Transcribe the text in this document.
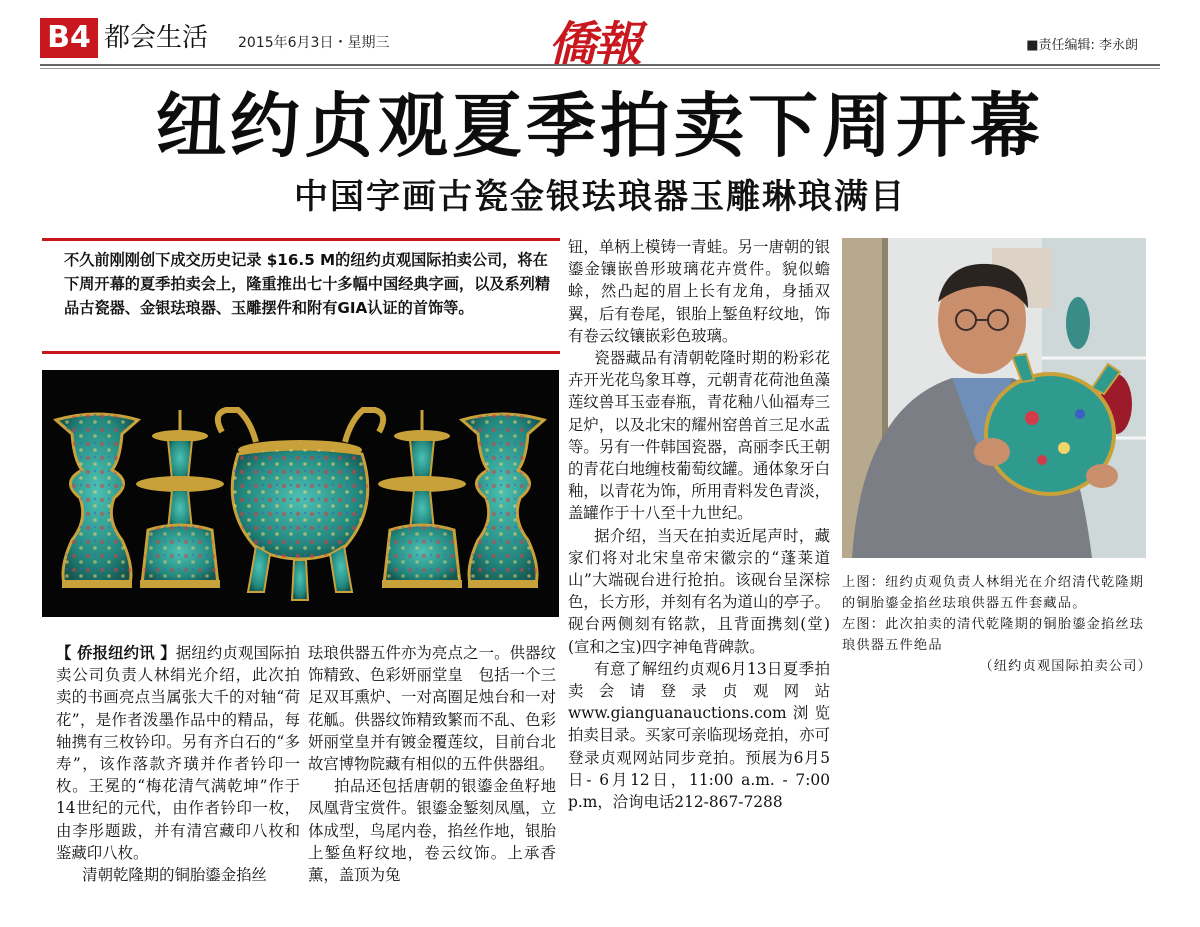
B4 都会生活 2015年6月3日・星期三	僑報	■责任编辑: 李永朗
纽约贞观夏季拍卖下周开幕
中国字画古瓷金银珐琅器玉雕琳琅满目
不久前刚刚创下成交历史记录 $16.5 M的纽约贞观国际拍卖公司，将在下周开幕的夏季拍卖会上，隆重推出七十多幅中国经典字画，以及系列精品古瓷器、金银珐琅器、玉雕摆件和附有GIA认证的首饰等。

【 侨报纽约讯 】据纽约贞观国际拍卖公司负责人林绢光介绍，此次拍卖的书画亮点当属张大千的对轴“荷花”，是作者泼墨作品中的精品，每轴携有三枚钤印。另有齐白石的“多寿”，该作落款齐璜并作者钤印一枚。王冕的“梅花清气满乾坤”作于14世纪的元代，由作者钤印一枚，由李彤题跋，并有清宫藏印八枚和鉴藏印八枚。

清朝乾隆期的铜胎鎏金掐丝

珐琅供器五件亦为亮点之一。供器纹饰精致、色彩妍丽堂皇　包括一个三足双耳熏炉、一对高圈足烛台和一对花觚。供器纹饰精致繁而不乱、色彩妍丽堂皇并有镀金覆莲纹，目前台北故宫博物院藏有相似的五件供器组。

拍品还包括唐朝的银鎏金鱼籽地凤凰背宝赏件。银鎏金錾刻凤凰，立体成型，鸟尾内卷，掐丝作地，银胎上錾鱼籽纹地，卷云纹饰。上承香薰，盖顶为兔

钮，单柄上模铸一青蛙。另一唐朝的银鎏金镶嵌兽形玻璃花卉赏件。貌似蟾蜍，然凸起的眉上长有龙角，身插双翼，后有卷尾，银胎上錾鱼籽纹地，饰有卷云纹镶嵌彩色玻璃。

瓷器藏品有清朝乾隆时期的粉彩花卉开光花鸟象耳尊，元朝青花荷池鱼藻莲纹兽耳玉壶春瓶，青花釉八仙福寿三足炉，以及北宋的耀州窑兽首三足水盂等。另有一件韩国瓷器，高丽李氏王朝的青花白地缠枝葡萄纹罐。通体象牙白釉，以青花为饰，所用青料发色青淡，盖罐作于十八至十九世纪。

据介绍，当天在拍卖近尾声时，藏家们将对北宋皇帝宋徽宗的“蓬莱道山”大端砚台进行抢拍。该砚台呈深棕色，长方形，并刻有名为道山的亭子。砚台两侧刻有铭款，且背面携刻(堂)(宣和之宝)四字神龟背碑款。

有意了解纽约贞观6月13日夏季拍卖会请登录贞观网站www.gianguanauctions.com浏览拍卖目录。买家可亲临现场竞拍，亦可登录贞观网站同步竞拍。预展为6月5日- 6月12日，11:00 a.m. - 7:00 p.m，洽询电话212-867-7288

上图：纽约贞观负责人林绢光在介绍清代乾隆期的铜胎鎏金掐丝珐琅供器五件套藏品。

左图：此次拍卖的清代乾隆期的铜胎鎏金掐丝珐琅供器五件绝品

（纽约贞观国际拍卖公司）
